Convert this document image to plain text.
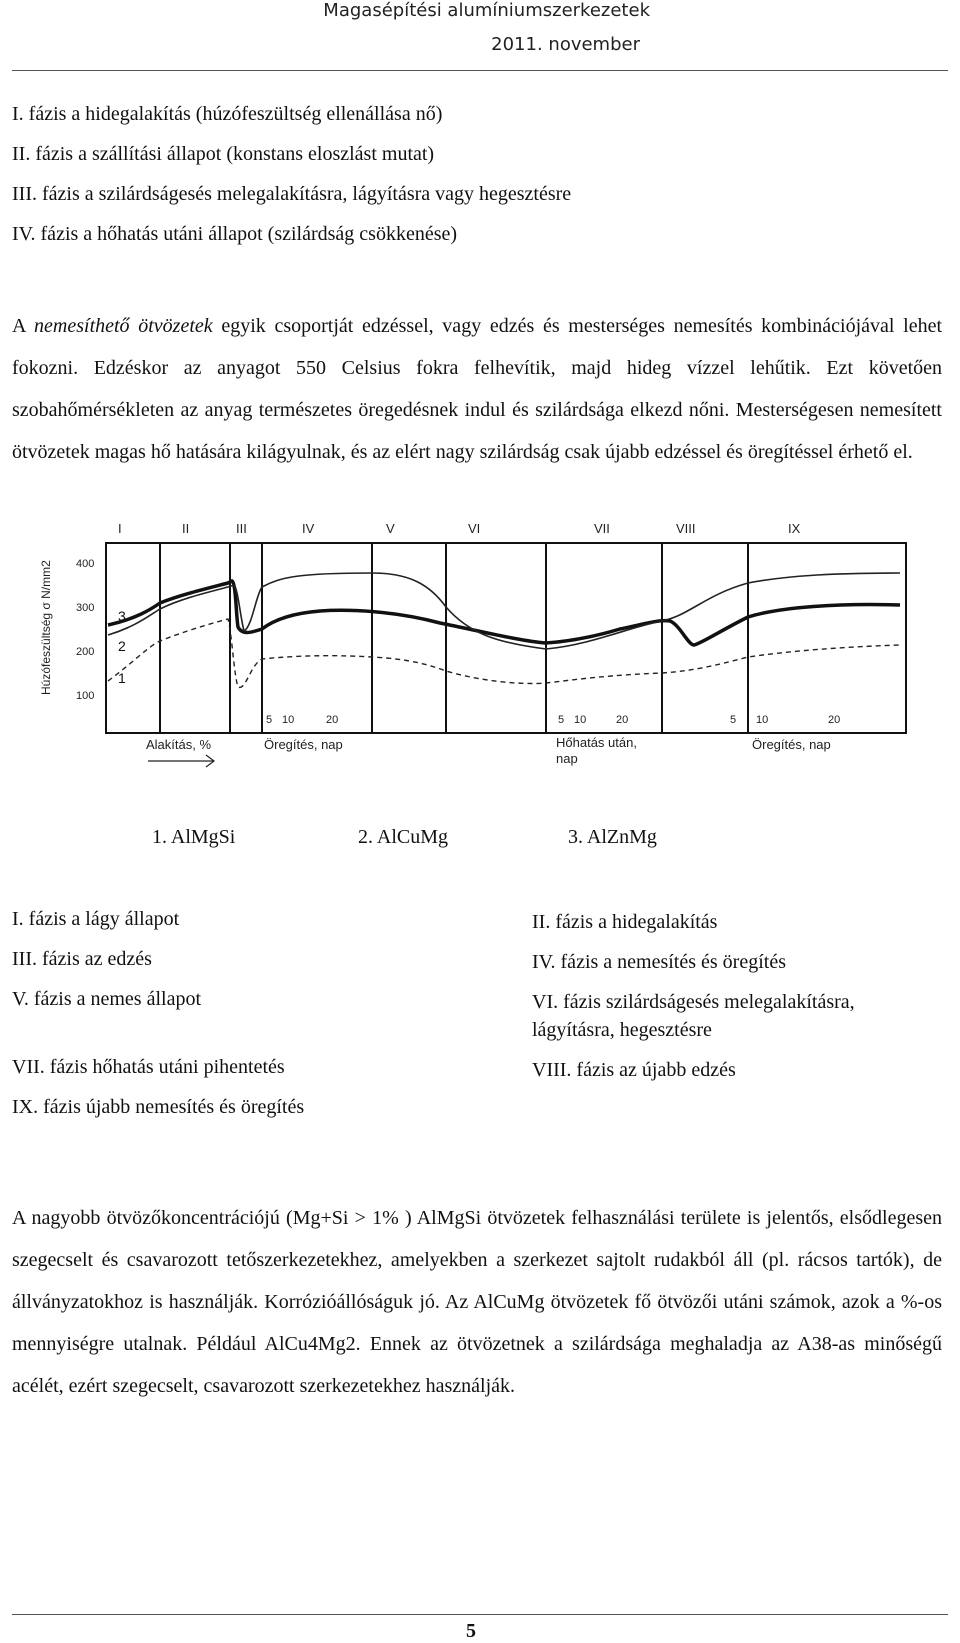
Magasépítési alumíniumszerkezetek
2011. november
I. fázis a hidegalakítás (húzófeszültség ellenállása nő)
II. fázis a szállítási állapot (konstans eloszlást mutat)
III. fázis a szilárdságesés melegalakításra, lágyításra vagy hegesztésre
IV. fázis a hőhatás utáni állapot (szilárdság csökkenése)
A nemesíthető ötvözetek egyik csoportját edzéssel, vagy edzés és mesterséges nemesítés kombinációjával lehet fokozni. Edzéskor az anyagot 550 Celsius fokra felhevítik, majd hideg vízzel lehűtik. Ezt követően szobahőmérsékleten az anyag természetes öregedésnek indul és szilárdsága elkezd nőni. Mesterségesen nemesített ötvözetek magas hő hatására kilágyulnak, és az elért nagy szilárdság csak újabb edzéssel és öregítéssel érhető el.
I	II	III	IV	V	VI	VII	VIII	IX
Húzófeszültség σ N/mm2 400
300
200
100
3
2
1
5 10	20	5 10	20	5 10	20
Alakítás, %	Öregítés, nap	Hőhatás után,
nap
Öregítés, nap
1. AlMgSi	2. AlCuMg	3. AlZnMg
I. fázis a lágy állapot	II. fázis a hidegalakítás
III. fázis az edzés	IV. fázis a nemesítés és öregítés
V. fázis a nemes állapot	VI. fázis szilárdságesés melegalakításra,
lágyításra, hegesztésre
VII. fázis hőhatás utáni pihentetés	VIII. fázis az újabb edzés
IX. fázis újabb nemesítés és öregítés
A nagyobb ötvözőkoncentrációjú (Mg+Si > 1% ) AlMgSi ötvözetek felhasználási területe is jelentős, elsődlegesen szegecselt és csavarozott tetőszerkezetekhez, amelyekben a szerkezet sajtolt rudakból áll (pl. rácsos tartók), de állványzatokhoz is használják. Korrózióállóságuk jó. Az AlCuMg ötvözetek fő ötvözői utáni számok, azok a %-os mennyiségre utalnak. Például AlCu4Mg2. Ennek az ötvözetnek a szilárdsága meghaladja az A38-as minőségű acélét, ezért szegecselt, csavarozott szerkezetekhez használják.
5
